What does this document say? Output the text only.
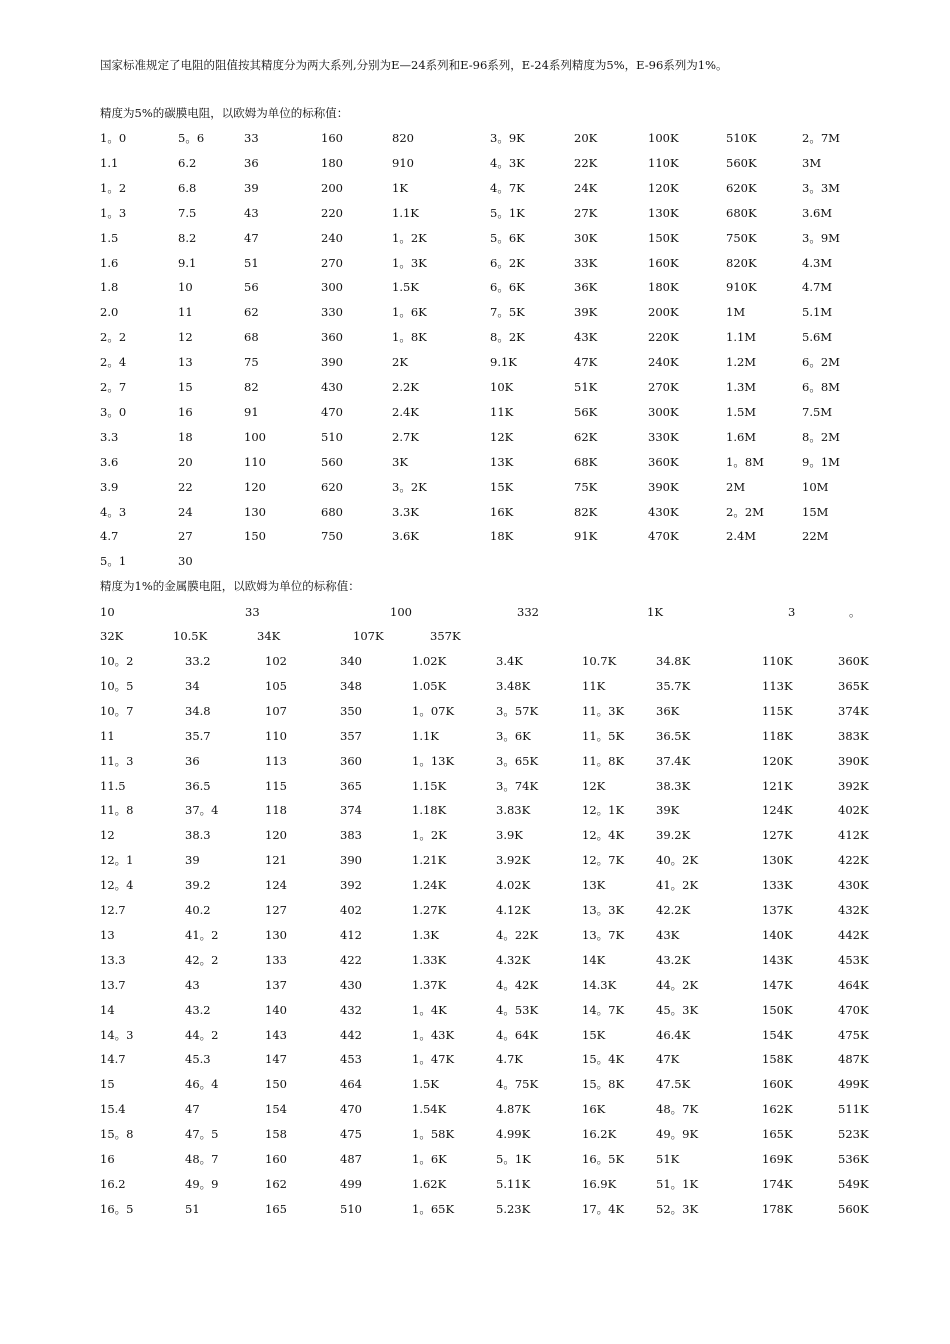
国家标准规定了电阻的阻值按其精度分为两大系列,分别为E—24系列和E-96系列，E-24系列精度为5%，E-96系列为1%。
精度为5%的碳膜电阻，以欧姆为单位的标称值：
精度为1%的金属膜电阻，以欧姆为单位的标称值：
1。0	5。6	33	160	820	3。9K	20K	100K	510K	2。7M
1.1	6.2	36	180	910	4。3K	22K	110K	560K	3M
1。2	6.8	39	200	1K	4。7K	24K	120K	620K	3。3M
1。3	7.5	43	220	1.1K	5。1K	27K	130K	680K	3.6M
1.5	8.2	47	240	1。2K	5。6K	30K	150K	750K	3。9M
1.6	9.1	51	270	1。3K	6。2K	33K	160K	820K	4.3M
1.8	10	56	300	1.5K	6。6K	36K	180K	910K	4.7M
2.0	11	62	330	1。6K	7。5K	39K	200K	1M	5.1M
2。2	12	68	360	1。8K	8。2K	43K	220K	1.1M	5.6M
2。4	13	75	390	2K	9.1K	47K	240K	1.2M	6。2M
2。7	15	82	430	2.2K	10K	51K	270K	1.3M	6。8M
3。0	16	91	470	2.4K	11K	56K	300K	1.5M	7.5M
3.3	18	100	510	2.7K	12K	62K	330K	1.6M	8。2M
3.6	20	110	560	3K	13K	68K	360K	1。8M	9。1M
3.9	22	120	620	3。2K	15K	75K	390K	2M	10M
4。3	24	130	680	3.3K	16K	82K	430K	2。2M	15M
4.7	27	150	750	3.6K	18K	91K	470K	2.4M	22M
5。1	30
10	33	100	332	1K	3	。
32K	10.5K	34K	107K	357K
10。2	33.2	102	340	1.02K	3.4K	10.7K	34.8K	110K	360K
10。5	34	105	348	1.05K	3.48K	11K	35.7K	113K	365K
10。7	34.8	107	350	1。07K	3。57K	11。3K	36K	115K	374K
11	35.7	110	357	1.1K	3。6K	11。5K	36.5K	118K	383K
11。3	36	113	360	1。13K	3。65K	11。8K	37.4K	120K	390K
11.5	36.5	115	365	1.15K	3。74K	12K	38.3K	121K	392K
11。8	37。4	118	374	1.18K	3.83K	12。1K	39K	124K	402K
12	38.3	120	383	1。2K	3.9K	12。4K	39.2K	127K	412K
12。1	39	121	390	1.21K	3.92K	12。7K	40。2K	130K	422K
12。4	39.2	124	392	1.24K	4.02K	13K	41。2K	133K	430K
12.7	40.2	127	402	1.27K	4.12K	13。3K	42.2K	137K	432K
13	41。2	130	412	1.3K	4。22K	13。7K	43K	140K	442K
13.3	42。2	133	422	1.33K	4.32K	14K	43.2K	143K	453K
13.7	43	137	430	1.37K	4。42K	14.3K	44。2K	147K	464K
14	43.2	140	432	1。4K	4。53K	14。7K	45。3K	150K	470K
14。3	44。2	143	442	1。43K	4。64K	15K	46.4K	154K	475K
14.7	45.3	147	453	1。47K	4.7K	15。4K	47K	158K	487K
15	46。4	150	464	1.5K	4。75K	15。8K	47.5K	160K	499K
15.4	47	154	470	1.54K	4.87K	16K	48。7K	162K	511K
15。8	47。5	158	475	1。58K	4.99K	16.2K	49。9K	165K	523K
16	48。7	160	487	1。6K	5。1K	16。5K	51K	169K	536K
16.2	49。9	162	499	1.62K	5.11K	16.9K	51。1K	174K	549K
16。5	51	165	510	1。65K	5.23K	17。4K	52。3K	178K	560K
